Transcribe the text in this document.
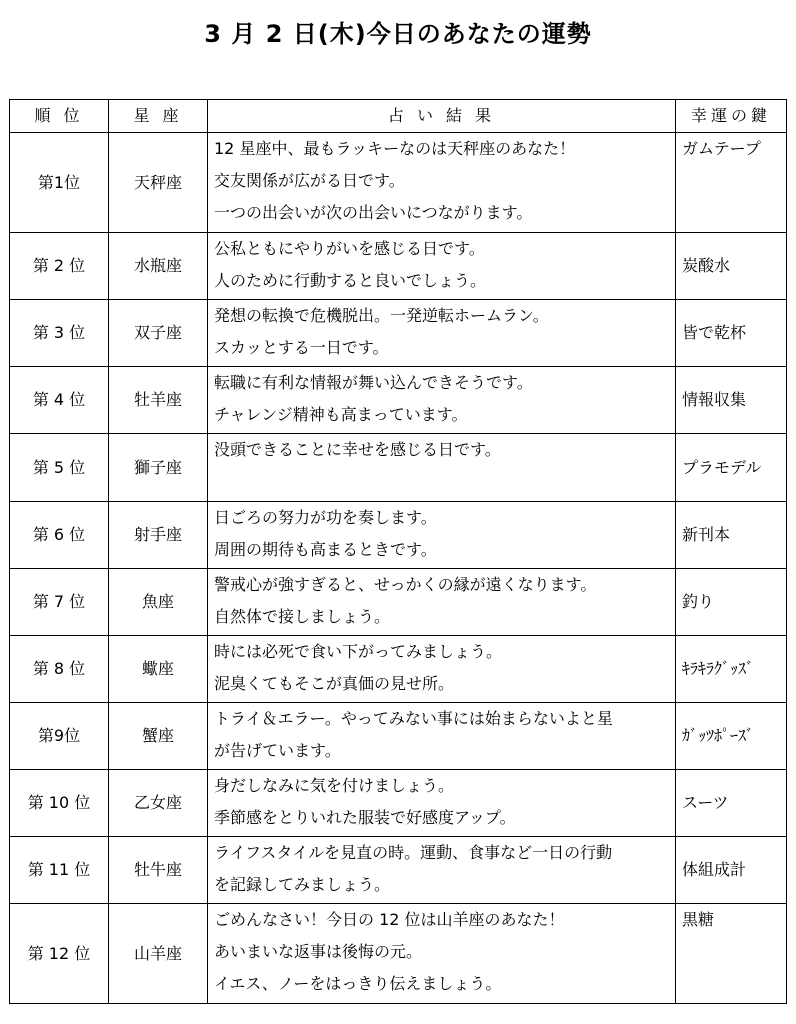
3 月 2 日(木)今日のあなたの運勢
順 位	星 座	占 い 結 果	幸運の鍵
第1位	天秤座	12 星座中、最もラッキーなのは天秤座のあなた！
交友関係が広がる日です。
一つの出会いが次の出会いにつながります。	ガムテープ
第 2 位	水瓶座	公私ともにやりがいを感じる日です。
人のために行動すると良いでしょう。	炭酸水
第 3 位	双子座	発想の転換で危機脱出。一発逆転ホームラン。
スカッとする一日です。	皆で乾杯
第 4 位	牡羊座	転職に有利な情報が舞い込んできそうです。
チャレンジ精神も高まっています。	情報収集
第 5 位	獅子座	没頭できることに幸せを感じる日です。	プラモデル
第 6 位	射手座	日ごろの努力が功を奏します。
周囲の期待も高まるときです。	新刊本
第 7 位	魚座	警戒心が強すぎると、せっかくの縁が遠くなります。
自然体で接しましょう。	釣り
第 8 位	蠍座	時には必死で食い下がってみましょう。
泥臭くてもそこが真価の見せ所。	ｷﾗｷﾗｸﾞｯｽﾞ
第9位	蟹座	トライ＆エラー。やってみない事には始まらないよと星
が告げています。	ｶﾞｯﾂﾎﾟｰｽﾞ
第 10 位	乙女座	身だしなみに気を付けましょう。
季節感をとりいれた服装で好感度アップ。	スーツ
第 11 位	牡牛座	ライフスタイルを見直の時。運動、食事など一日の行動
を記録してみましょう。	体組成計
第 12 位	山羊座	ごめんなさい！今日の 12 位は山羊座のあなた！
あいまいな返事は後悔の元。
イエス、ノーをはっきり伝えましょう。	黒糖
